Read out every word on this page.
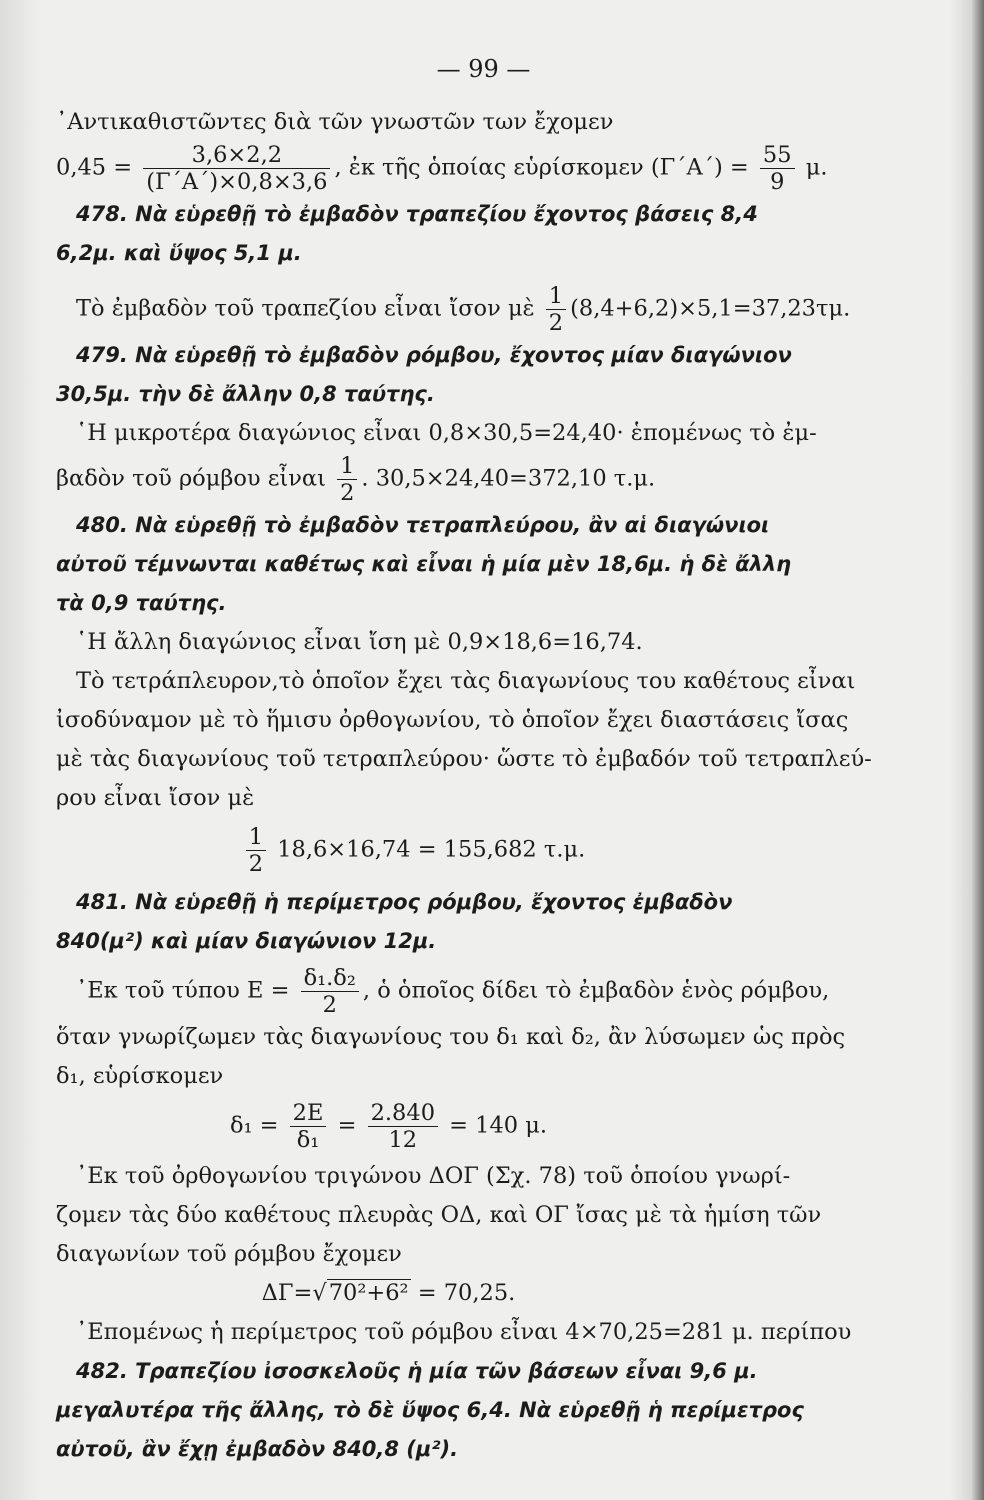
— 99 —
᾿Αντικαθιστῶντες διὰ τῶν γνωστῶν των ἔχομεν
$0,45 = \frac{3,6\times 2,2}{(\Gamma΄A΄)\times 0,8\times 3,6}$ , ἐκ τῆς ὁποίας εὑρίσκομεν $(\Gamma΄A΄) = \frac{55}{9} \mu$.
478. Νὰ εὑρεθῇ τὸ ἐμβαδὸν τραπεζίου ἔχοντος βάσεις 8,4
6,2μ. καὶ ὕψος 5,1 μ.
Τὸ ἐμβαδὸν τοῦ τραπεζίου εἶναι ἴσον μὲ $\frac{1}{2} (8,4+6,2)\times 5,1=37,23\tau\mu$.
479. Νὰ εὑρεθῇ τὸ ἐμβαδὸν ρόμβου, ἔχοντος μίαν διαγώνιον
30,5μ. τὴν δὲ ἄλλην 0,8 ταύτης.
῾Η μικροτέρα διαγώνιος εἶναι 0,8×30,5=24,40· ἑπομένως τὸ ἐμ-
βαδὸν τοῦ ρόμβου εἶναι $\frac{1}{2}$ . 30,5×24,40=372,10 τ.μ.
480. Νὰ εὑρεθῇ τὸ ἐμβαδὸν τετραπλεύρου, ἂν αἱ διαγώνιοι
αὐτοῦ τέμνωνται καθέτως καὶ εἶναι ἡ μία μὲν 18,6μ. ἡ δὲ ἄλλη
τὰ 0,9 ταύτης.
῾Η ἄλλη διαγώνιος εἶναι ἴση μὲ 0,9×18,6=16,74.
Τὸ τετράπλευρον,τὸ ὁποῖον ἔχει τὰς διαγωνίους του καθέτους εἶναι
ἰσοδύναμον μὲ τὸ ἥμισυ ὀρθογωνίου, τὸ ὁποῖον ἔχει διαστάσεις ἴσας
μὲ τὰς διαγωνίους τοῦ τετραπλεύρου· ὥστε τὸ ἐμβαδόν τοῦ τετραπλεύ-
ρου εἶναι ἴσον μὲ
$\frac{1}{2} 18,6\times 16,74 = 155,682$ τ.μ.
481. Νὰ εὑρεθῇ ἡ περίμετρος ρόμβου, ἔχοντος ἐμβαδὸν
840(μ²) καὶ μίαν διαγώνιον 12μ.
᾿Εκ τοῦ τύπου $E = \frac{\text{δ₁.δ₂}}{2}$ , ὁ ὁποῖος δίδει τὸ ἐμβαδὸν ἑνὸς ρόμβου,
ὅταν γνωρίζωμεν τὰς διαγωνίους του δ₁ καὶ δ₂, ἂν λύσωμεν ὡς πρὸς
δ₁, εὑρίσκομεν
$\delta_1 = \frac{2E}{\text{δ₁}} = \frac{2.840}{12} = 140$ μ.
᾿Εκ τοῦ ὀρθογωνίου τριγώνου ΔΟΓ (Σχ. 78) τοῦ ὁποίου γνωρί-
ζομεν τὰς δύο καθέτους πλευρὰς ΟΔ, καὶ ΟΓ ἴσας μὲ τὰ ἡμίση τῶν
διαγωνίων τοῦ ρόμβου ἔχομεν
ΔΓ=√70²+6² = 70,25.
᾿Επομένως ἡ περίμετρος τοῦ ρόμβου εἶναι 4×70,25=281 μ. περίπου
482. Τραπεζίου ἰσοσκελοῦς ἡ μία τῶν βάσεων εἶναι 9,6 μ.
μεγαλυτέρα τῆς ἄλλης, τὸ δὲ ὕψος 6,4. Νὰ εὑρεθῇ ἡ περίμετρος
αὐτοῦ, ἂν ἔχῃ ἐμβαδὸν 840,8 (μ²).
